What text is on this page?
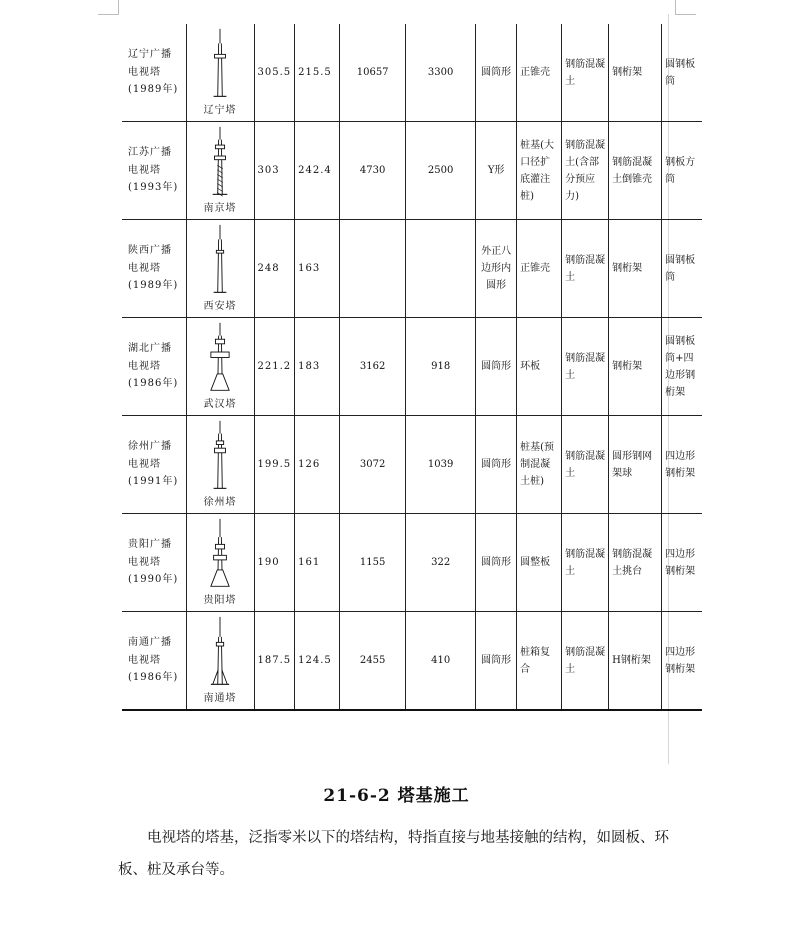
辽宁广播
电视塔
(1989年)	辽宁塔	305.5	215.5	10657	3300	圆筒形	正锥壳	钢筋混凝土	钢桁架	圆钢板筒

江苏广播
电视塔
(1993年)	南京塔	303	242.4	4730	2500	Y形	桩基(大口径扩底灌注桩)	钢筋混凝土(含部分预应力)	钢筋混凝土倒锥壳	钢板方筒

陕西广播
电视塔
(1989年)	西安塔	248	163			外正八边形内圆形	正锥壳	钢筋混凝土	钢桁架	圆钢板筒

湖北广播
电视塔
(1986年)	武汉塔	221.2	183	3162	918	圆筒形	环板	钢筋混凝土	钢桁架	圆钢板筒+四边形钢桁架

徐州广播
电视塔
(1991年)	徐州塔	199.5	126	3072	1039	圆筒形	桩基(预制混凝土桩)	钢筋混凝土	圆形钢网架球	四边形钢桁架

贵阳广播
电视塔
(1990年)	贵阳塔	190	161	1155	322	圆筒形	圆整板	钢筋混凝土	钢筋混凝土挑台	四边形钢桁架

南通广播
电视塔
(1986年)	南通塔	187.5	124.5	2455	410	圆筒形	桩箱复合	钢筋混凝土	H钢桁架	四边形钢桁架
21-6-2 塔基施工
电视塔的塔基，泛指零米以下的塔结构，特指直接与地基接触的结构，如圆板、环板、桩及承台等。
